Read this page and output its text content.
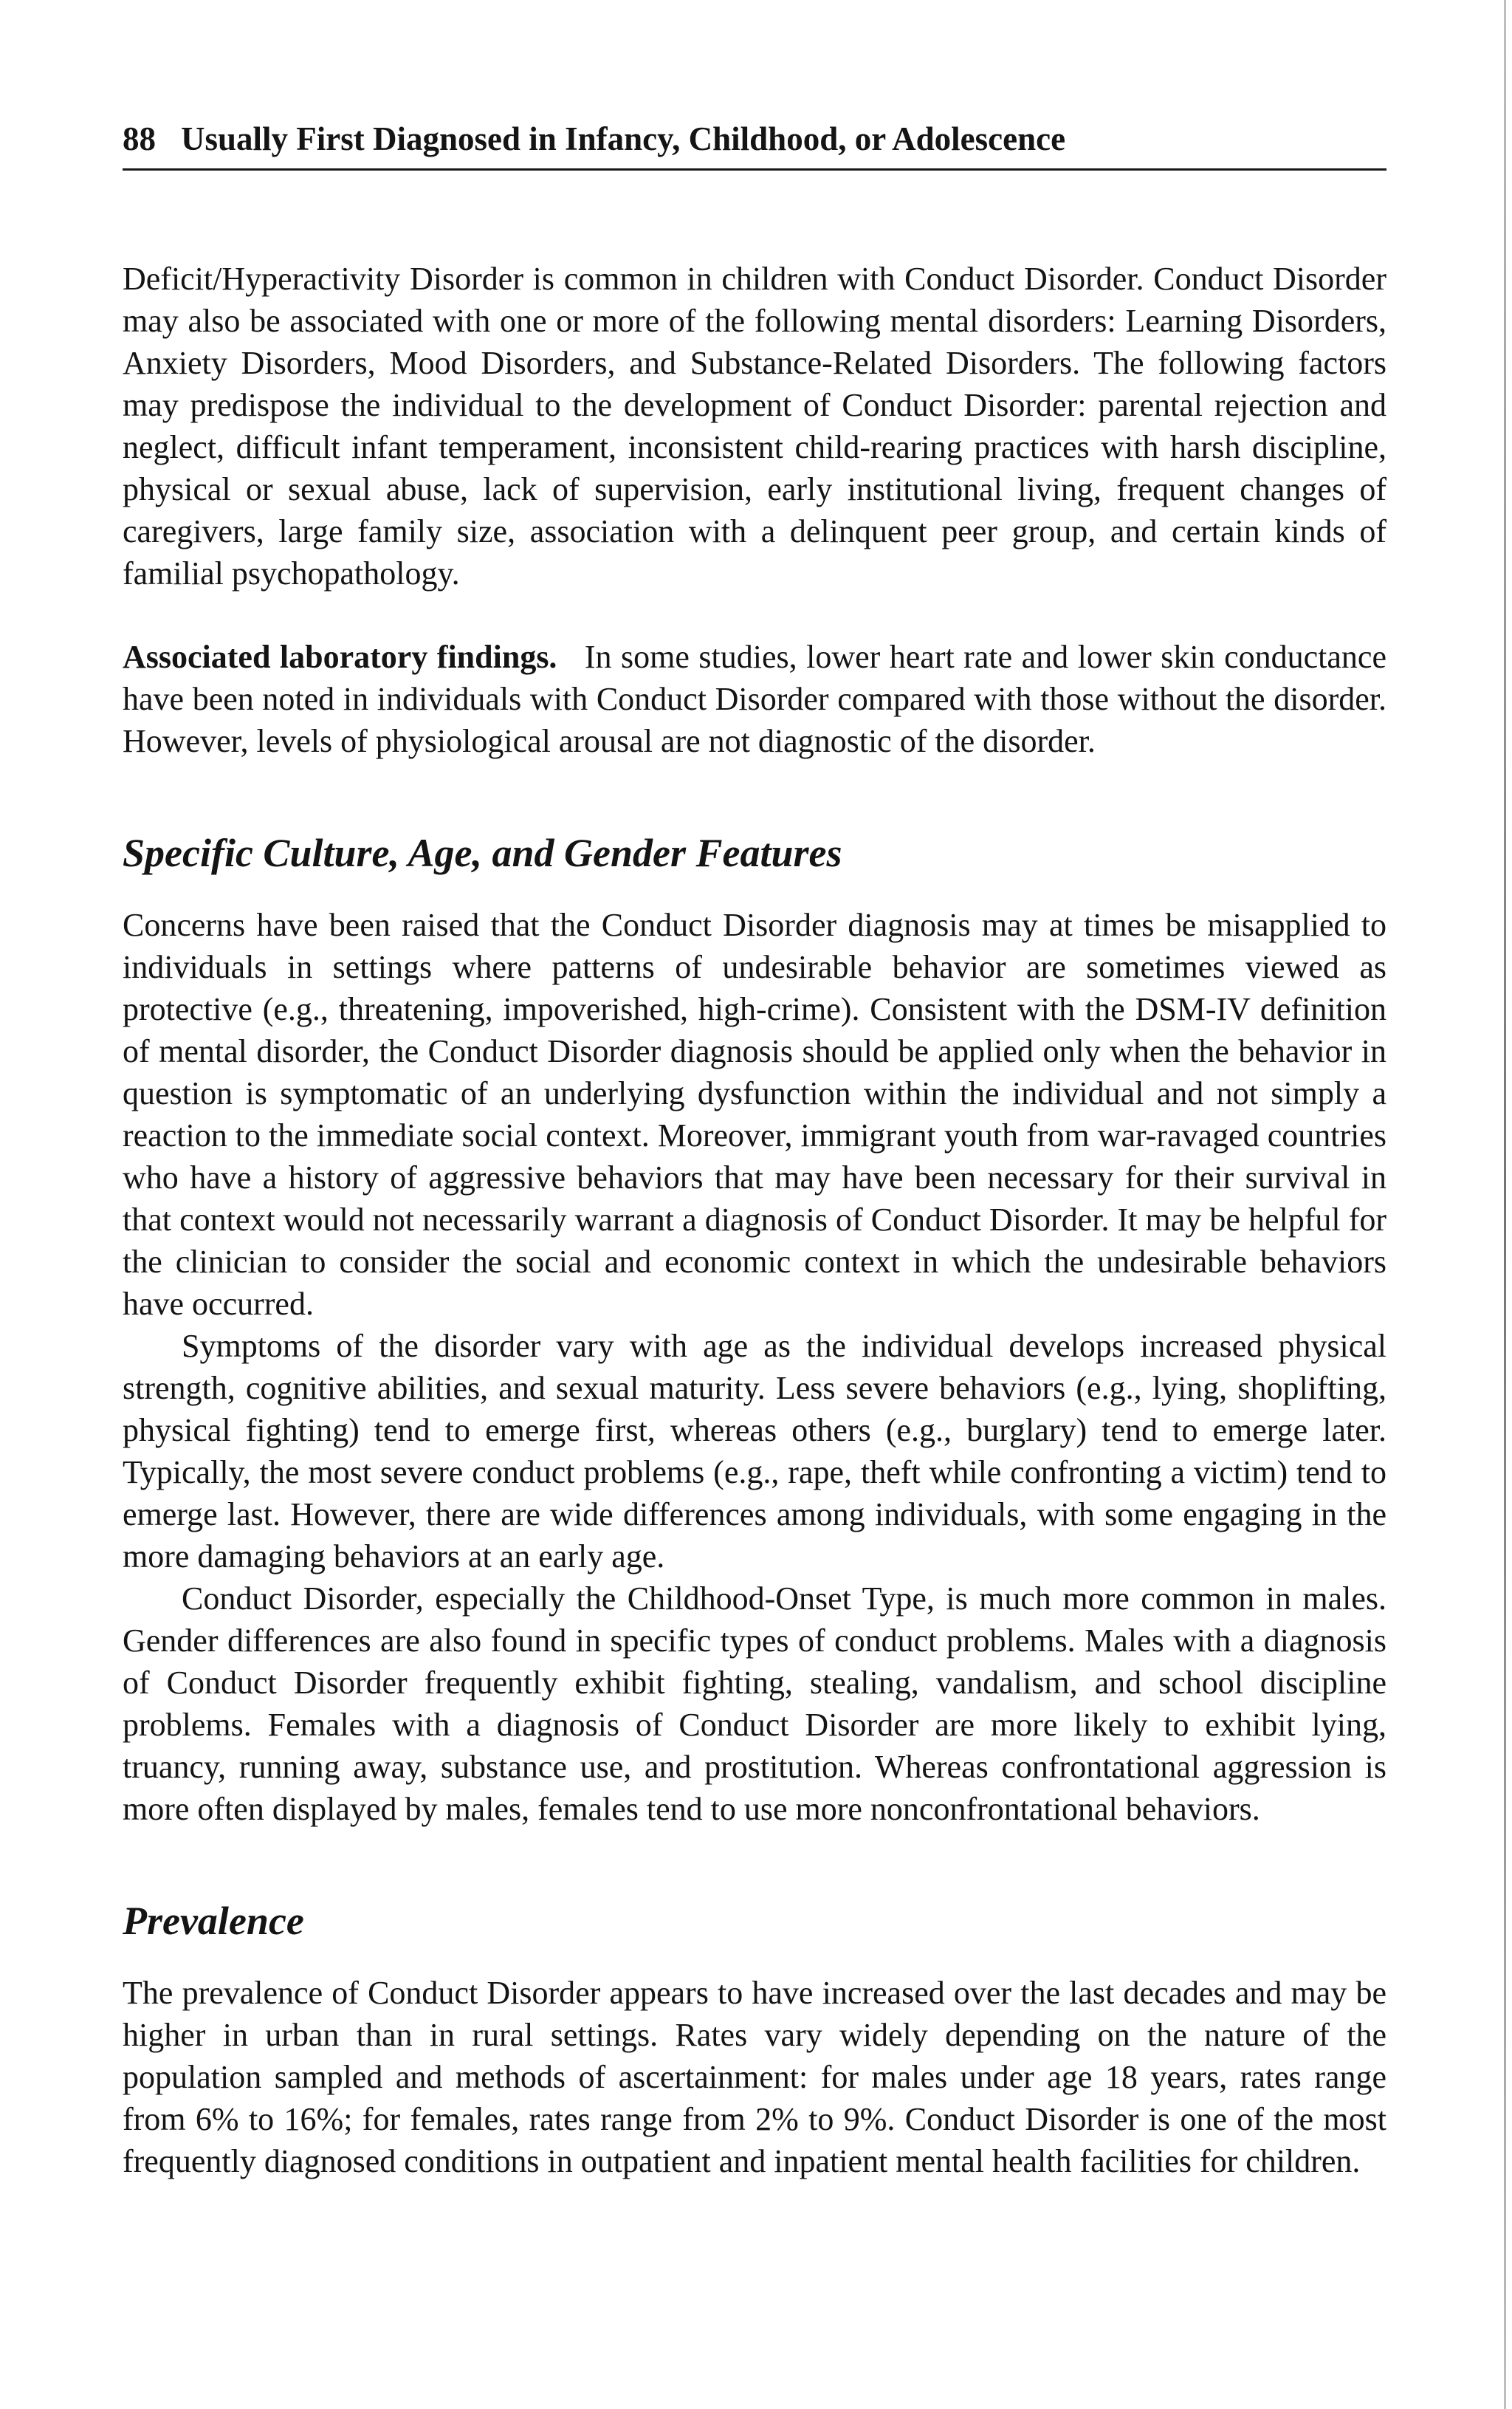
88 Usually First Diagnosed in Infancy, Childhood, or Adolescence

Deficit/Hyperactivity Disorder is common in children with Conduct Disorder. Conduct Disorder may also be associated with one or more of the following mental disorders: Learning Disorders, Anxiety Disorders, Mood Disorders, and Substance-Related Disorders. The following factors may predispose the individual to the development of Conduct Disorder: parental rejection and neglect, difficult infant temperament, inconsistent child-rearing practices with harsh discipline, physical or sexual abuse, lack of supervision, early institutional living, frequent changes of caregivers, large family size, association with a delinquent peer group, and certain kinds of familial psychopathology.

Associated laboratory findings. In some studies, lower heart rate and lower skin conductance have been noted in individuals with Conduct Disorder compared with those without the disorder. However, levels of physiological arousal are not diagnostic of the disorder.

Specific Culture, Age, and Gender Features

Concerns have been raised that the Conduct Disorder diagnosis may at times be misapplied to individuals in settings where patterns of undesirable behavior are sometimes viewed as protective (e.g., threatening, impoverished, high-crime). Consistent with the DSM-IV definition of mental disorder, the Conduct Disorder diagnosis should be applied only when the behavior in question is symptomatic of an underlying dysfunction within the individual and not simply a reaction to the immediate social context. Moreover, immigrant youth from war-ravaged countries who have a history of aggressive behaviors that may have been necessary for their survival in that context would not necessarily warrant a diagnosis of Conduct Disorder. It may be helpful for the clinician to consider the social and economic context in which the undesirable behaviors have occurred.

Symptoms of the disorder vary with age as the individual develops increased physical strength, cognitive abilities, and sexual maturity. Less severe behaviors (e.g., lying, shoplifting, physical fighting) tend to emerge first, whereas others (e.g., burglary) tend to emerge later. Typically, the most severe conduct problems (e.g., rape, theft while confronting a victim) tend to emerge last. However, there are wide differences among individuals, with some engaging in the more damaging behaviors at an early age.

Conduct Disorder, especially the Childhood-Onset Type, is much more common in males. Gender differences are also found in specific types of conduct problems. Males with a diagnosis of Conduct Disorder frequently exhibit fighting, stealing, vandalism, and school discipline problems. Females with a diagnosis of Conduct Disorder are more likely to exhibit lying, truancy, running away, substance use, and prostitution. Whereas confrontational aggression is more often displayed by males, females tend to use more nonconfrontational behaviors.

Prevalence

The prevalence of Conduct Disorder appears to have increased over the last decades and may be higher in urban than in rural settings. Rates vary widely depending on the nature of the population sampled and methods of ascertainment: for males under age 18 years, rates range from 6% to 16%; for females, rates range from 2% to 9%. Conduct Disorder is one of the most frequently diagnosed conditions in outpatient and inpatient mental health facilities for children.
